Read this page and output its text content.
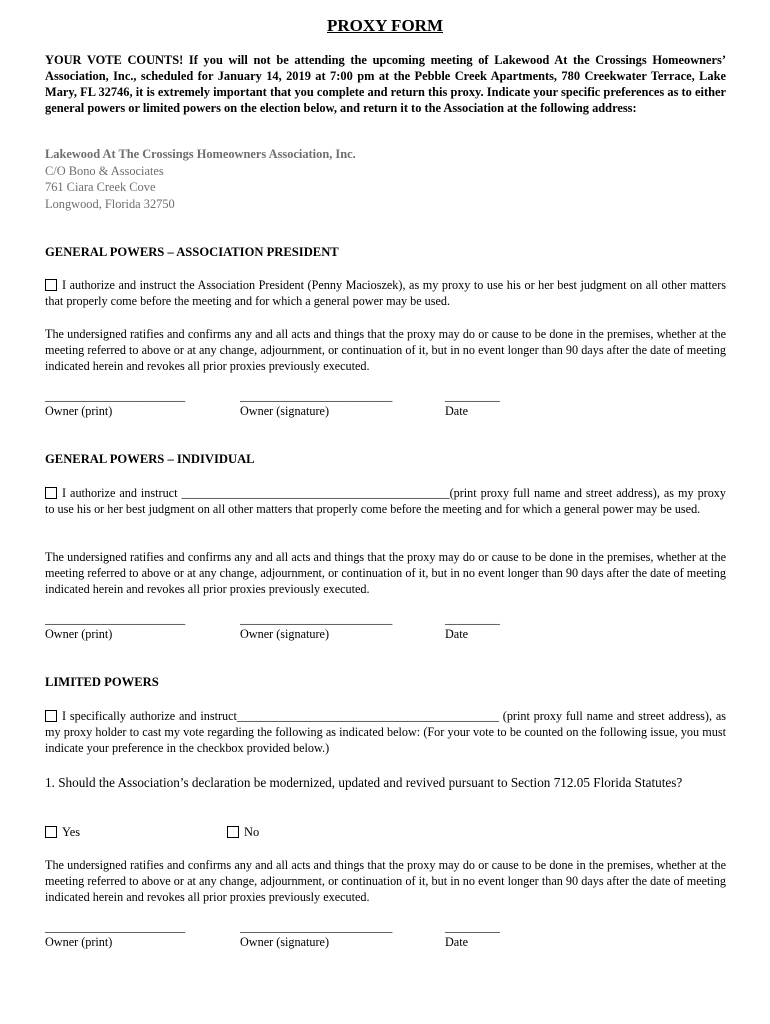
PROXY FORM
YOUR VOTE COUNTS! If you will not be attending the upcoming meeting of Lakewood At the Crossings Homeowners’ Association, Inc., scheduled for January 14, 2019 at 7:00 pm at the Pebble Creek Apartments, 780 Creekwater Terrace, Lake Mary, FL 32746, it is extremely important that you complete and return this proxy. Indicate your specific preferences as to either general powers or limited powers on the election below, and return it to the Association at the following address:
Lakewood At The Crossings Homeowners Association, Inc.
C/O Bono & Associates
761 Ciara Creek Cove
Longwood, Florida 32750
GENERAL POWERS – ASSOCIATION PRESIDENT
I authorize and instruct the Association President (Penny Macioszek), as my proxy to use his or her best judgment on all other matters that properly come before the meeting and for which a general power may be used.
The undersigned ratifies and confirms any and all acts and things that the proxy may do or cause to be done in the premises, whether at the meeting referred to above or at any change, adjournment, or continuation of it, but in no event longer than 90 days after the date of meeting indicated herein and revokes all prior proxies previously executed.
_______________________	_________________________	_________
Owner (print)	Owner (signature)	Date
GENERAL POWERS – INDIVIDUAL
I authorize and instruct ____________________________________________(print proxy full name and street address), as my proxy to use his or her best judgment on all other matters that properly come before the meeting and for which a general power may be used.
The undersigned ratifies and confirms any and all acts and things that the proxy may do or cause to be done in the premises, whether at the meeting referred to above or at any change, adjournment, or continuation of it, but in no event longer than 90 days after the date of meeting indicated herein and revokes all prior proxies previously executed.
_______________________	_________________________	_________
Owner (print)	Owner (signature)	Date
LIMITED POWERS
I specifically authorize and instruct___________________________________________ (print proxy full name and street address), as my proxy holder to cast my vote regarding the following as indicated below: (For your vote to be counted on the following issue, you must indicate your preference in the checkbox provided below.)
1. Should the Association’s declaration be modernized, updated and revived pursuant to Section 712.05 Florida Statutes?
Yes	No
The undersigned ratifies and confirms any and all acts and things that the proxy may do or cause to be done in the premises, whether at the meeting referred to above or at any change, adjournment, or continuation of it, but in no event longer than 90 days after the date of meeting indicated herein and revokes all prior proxies previously executed.
_______________________	_________________________	_________
Owner (print)	Owner (signature)	Date
